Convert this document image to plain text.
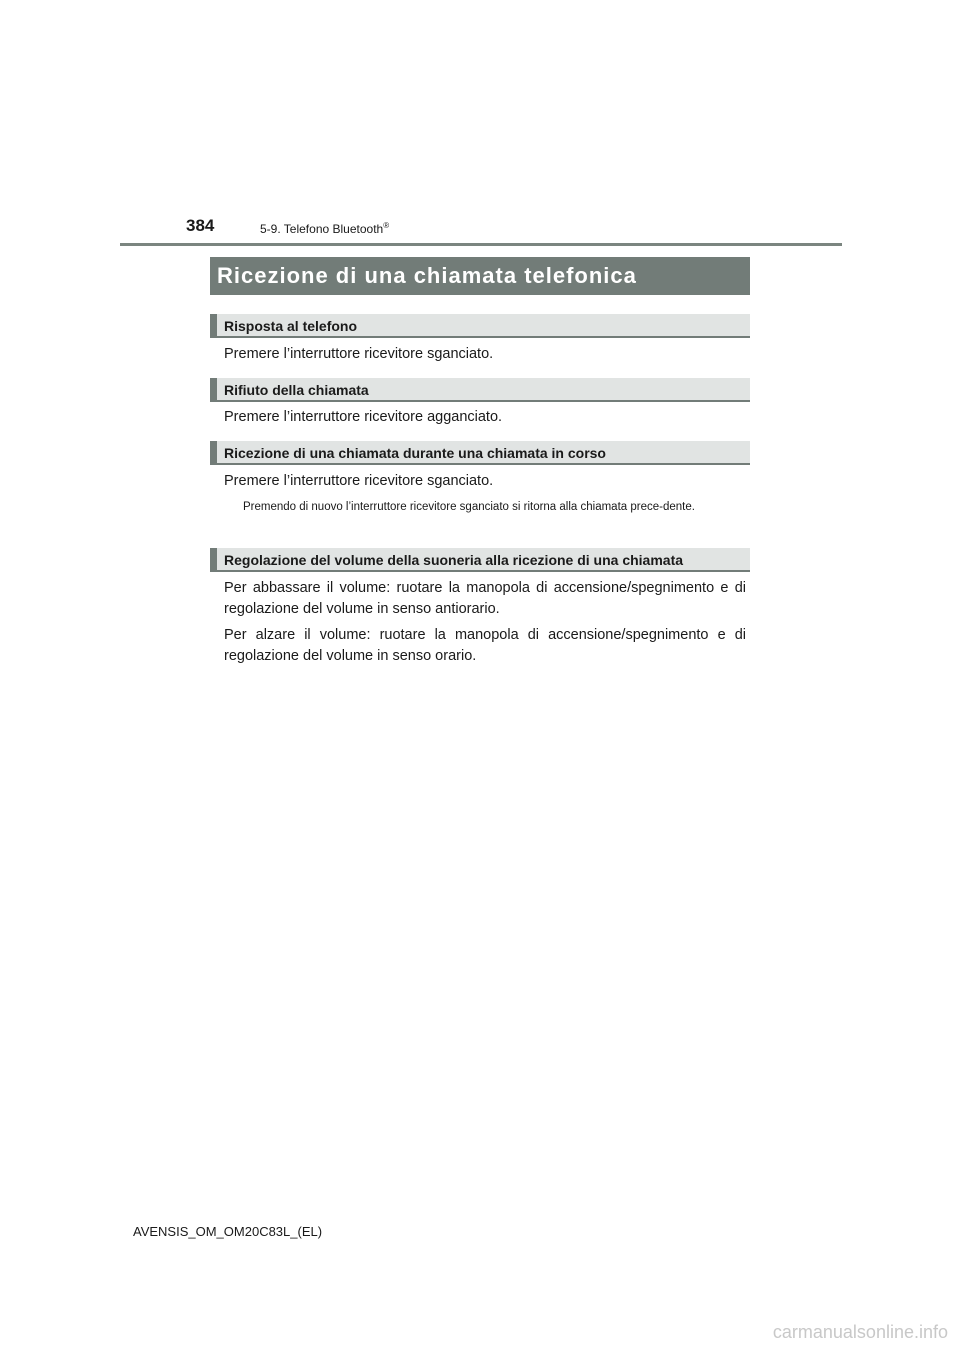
384	5-9. Telefono Bluetooth®
Ricezione di una chiamata telefonica
Risposta al telefono
Premere l’interruttore ricevitore sganciato.
Rifiuto della chiamata
Premere l’interruttore ricevitore agganciato.
Ricezione di una chiamata durante una chiamata in corso
Premere l’interruttore ricevitore sganciato.
Premendo di nuovo l’interruttore ricevitore sganciato si ritorna alla chiamata prece-dente.
Regolazione del volume della suoneria alla ricezione di una chiamata
Per abbassare il volume: ruotare la manopola di accensione/spegnimento e di regolazione del volume in senso antiorario.
Per alzare il volume: ruotare la manopola di accensione/spegnimento e di regolazione del volume in senso orario.
AVENSIS_OM_OM20C83L_(EL)
carmanualsonline.info
